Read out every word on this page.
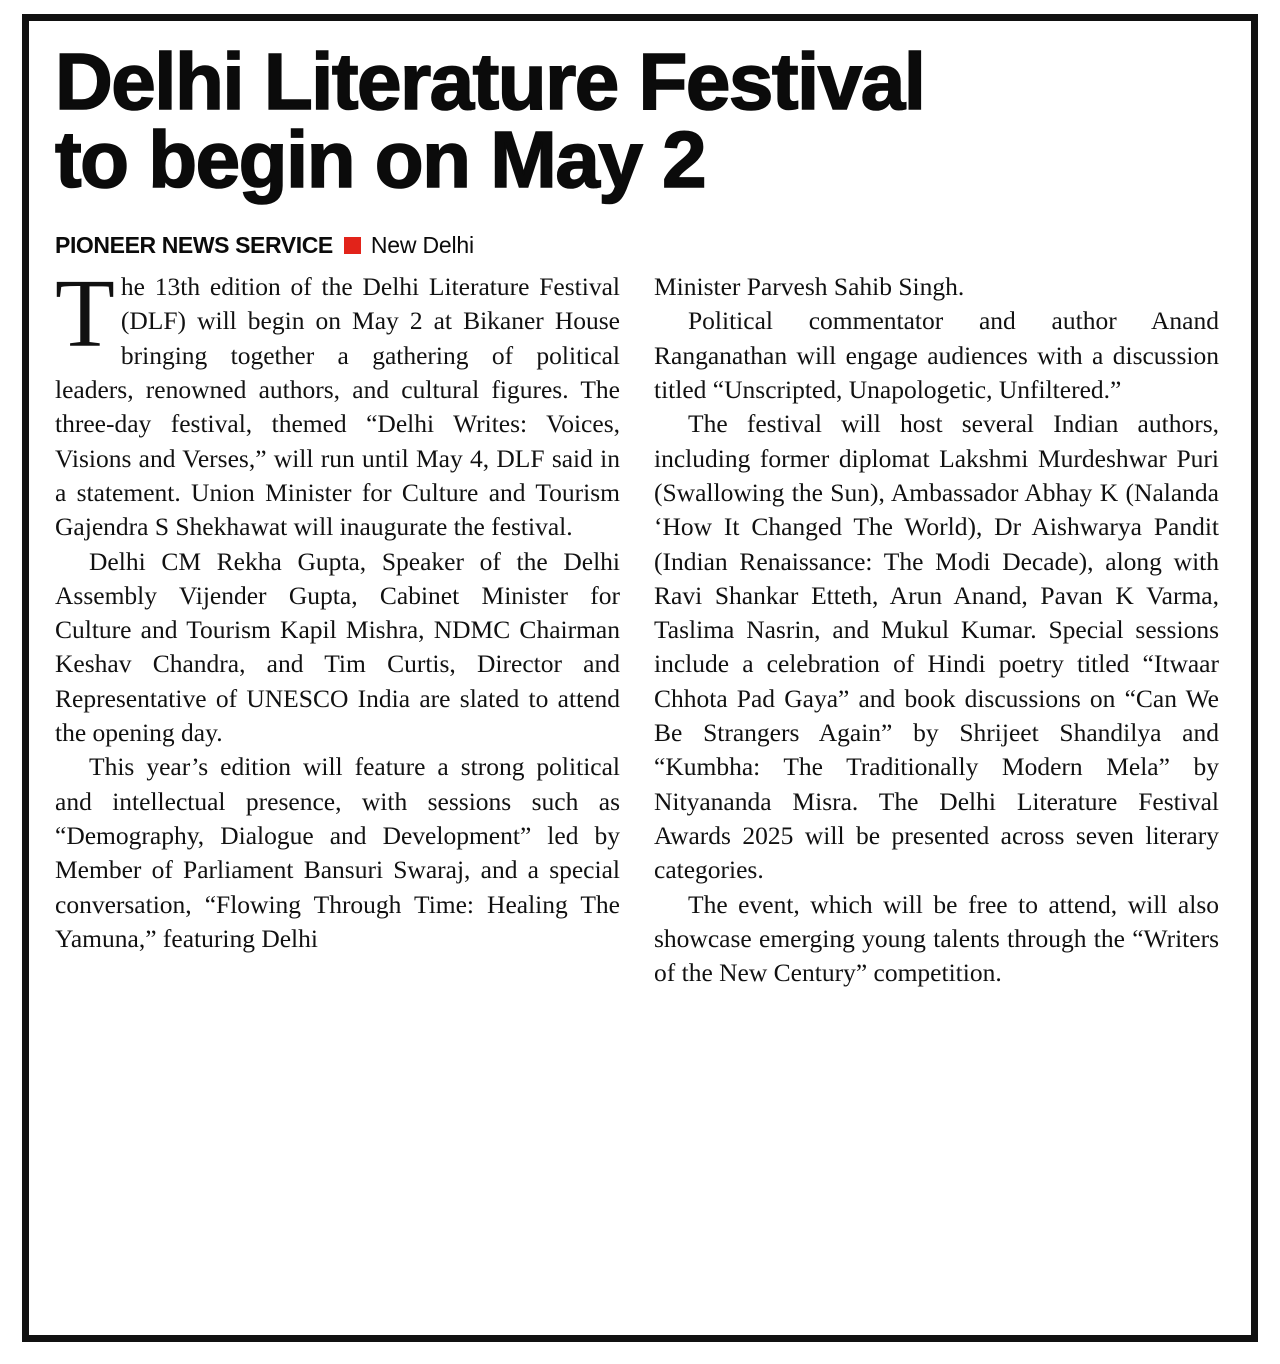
Delhi Literature Festival
to begin on May 2
PIONEER NEWS SERVICE New Delhi

The 13th edition of the Delhi Literature Festival (DLF) will begin on May 2 at Bikaner House bringing together a gathering of political leaders, renowned authors, and cultural figures. The three-day festival, themed “Delhi Writes: Voices, Visions and Verses,” will run until May 4, DLF said in a statement. Union Minister for Culture and Tourism Gajendra S Shekhawat will inaugurate the festival.

Delhi CM Rekha Gupta, Speaker of the Delhi Assembly Vijender Gupta, Cabinet Minister for Culture and Tourism Kapil Mishra, NDMC Chairman Keshav Chandra, and Tim Curtis, Director and Representative of UNESCO India are slated to attend the opening day.

This year’s edition will feature a strong political and intellectual presence, with sessions such as “Demography, Dialogue and Development” led by Member of Parliament Bansuri Swaraj, and a special conversation, “Flowing Through Time: Healing The Yamuna,” featuring Delhi

Minister Parvesh Sahib Singh.

Political commentator and author Anand Ranganathan will engage audiences with a discussion titled “Unscripted, Unapologetic, Unfiltered.”

The festival will host several Indian authors, including former diplomat Lakshmi Murdeshwar Puri (Swallowing the Sun), Ambassador Abhay K (Nalanda ‘How It Changed The World), Dr Aishwarya Pandit (Indian Renaissance: The Modi Decade), along with Ravi Shankar Etteth, Arun Anand, Pavan K Varma, Taslima Nasrin, and Mukul Kumar. Special sessions include a celebration of Hindi poetry titled “Itwaar Chhota Pad Gaya” and book discussions on “Can We Be Strangers Again” by Shrijeet Shandilya and “Kumbha: The Traditionally Modern Mela” by Nityananda Misra. The Delhi Literature Festival Awards 2025 will be presented across seven literary categories.

The event, which will be free to attend, will also showcase emerging young talents through the “Writers of the New Century” competition.
